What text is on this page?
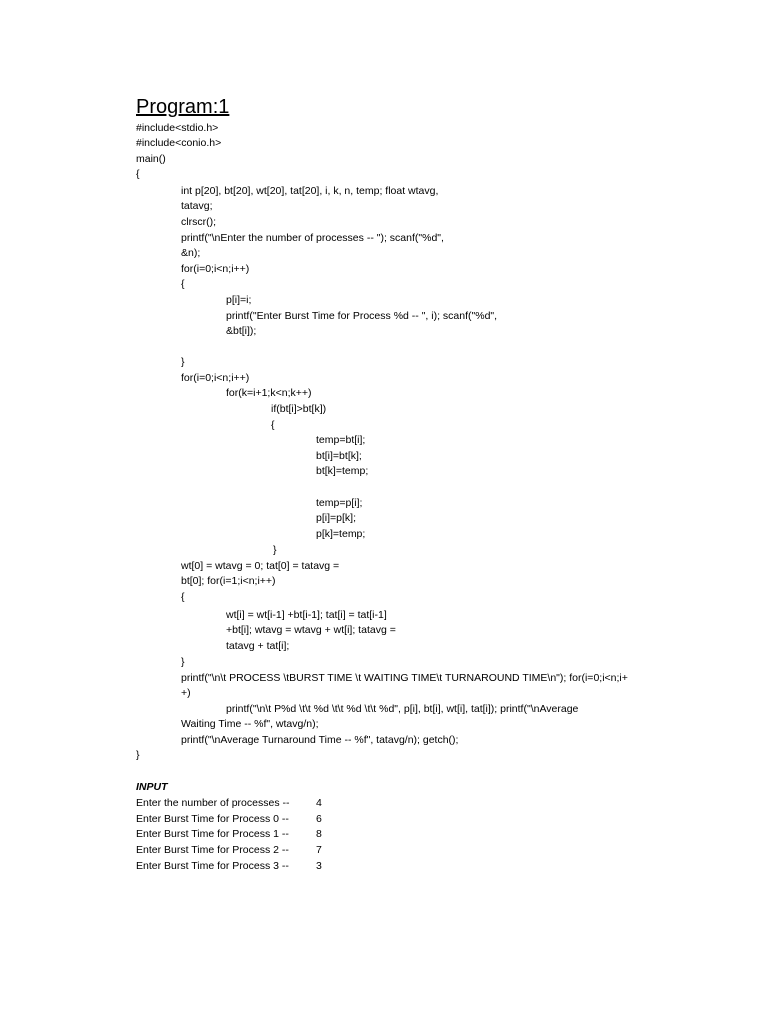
Program:1
#include<stdio.h>
#include<conio.h>
main()
{
int p[20], bt[20], wt[20], tat[20], i, k, n, temp; float wtavg,
tatavg;
clrscr();
printf("\nEnter the number of processes -- "); scanf("%d",
&n);
for(i=0;i<n;i++)
{
p[i]=i;
printf("Enter Burst Time for Process %d -- ", i); scanf("%d",
&bt[i]);
}
for(i=0;i<n;i++)
for(k=i+1;k<n;k++)
if(bt[i]>bt[k])
{
temp=bt[i];
bt[i]=bt[k];
bt[k]=temp;
temp=p[i];
p[i]=p[k];
p[k]=temp;
}
wt[0] = wtavg = 0; tat[0] = tatavg =
bt[0]; for(i=1;i<n;i++)
{
wt[i] = wt[i-1] +bt[i-1]; tat[i] = tat[i-1]
+bt[i]; wtavg = wtavg + wt[i]; tatavg =
tatavg + tat[i];
}
printf("\n\t PROCESS \tBURST TIME \t WAITING TIME\t TURNAROUND TIME\n"); for(i=0;i<n;i+
+)
printf("\n\t P%d \t\t %d \t\t %d \t\t %d", p[i], bt[i], wt[i], tat[i]); printf("\nAverage
Waiting Time -- %f", wtavg/n);
printf("\nAverage Turnaround Time -- %f", tatavg/n); getch();
}
INPUT
Enter the number of processes --	4
Enter Burst Time for Process 0 --	6
Enter Burst Time for Process 1 --	8
Enter Burst Time for Process 2 --	7
Enter Burst Time for Process 3 --	3
